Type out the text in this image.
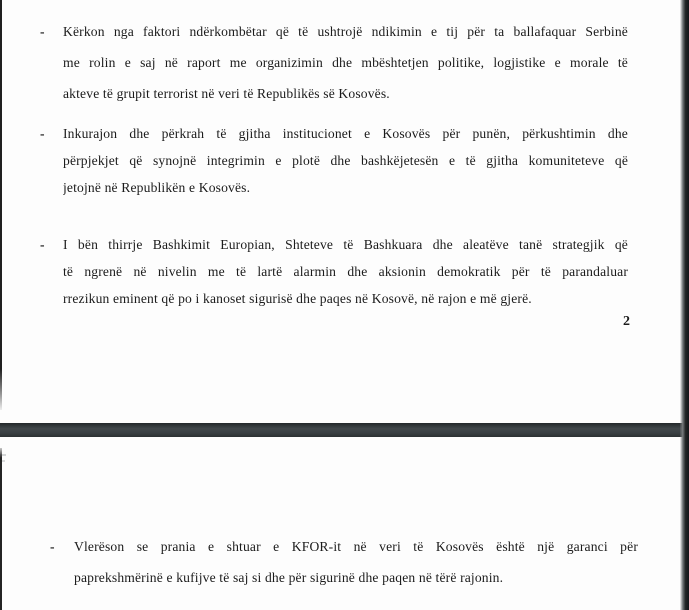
- Kërkon nga faktori ndërkombëtar që të ushtrojë ndikimin e tij për ta ballafaquar Serbinë
me rolin e saj në raport me organizimin dhe mbështetjen politike, logjistike e morale të
akteve të grupit terrorist në veri të Republikës së Kosovës.
- Inkurajon dhe përkrah të gjitha institucionet e Kosovës për punën, përkushtimin dhe
përpjekjet që synojnë integrimin e plotë dhe bashkëjetesën e të gjitha komuniteteve që
jetojnë në Republikën e Kosovës.
- I bën thirrje Bashkimit Europian, Shteteve të Bashkuara dhe aleatëve tanë strategjik që
të ngrenë në nivelin me të lartë alarmin dhe aksionin demokratik për të parandaluar
rrezikun eminent që po i kanoset sigurisë dhe paqes në Kosovë, në rajon e më gjerë.
2
- Vlerëson se prania e shtuar e KFOR-it në veri të Kosovës është një garanci për
paprekshmërinë e kufijve të saj si dhe për sigurinë dhe paqen në tërë rajonin.
